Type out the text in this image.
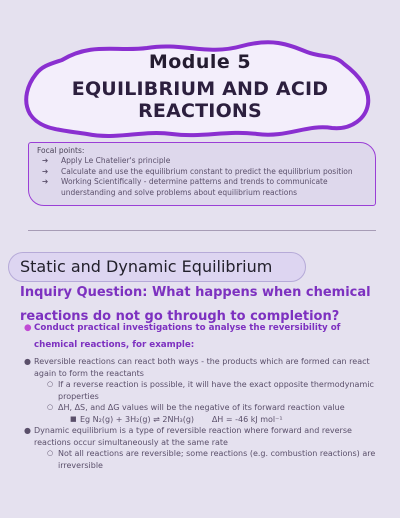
Module 5
EQUILIBRIUM AND ACID REACTIONS
Focal points:
➔ Apply Le Chatelier's principle
➔ Calculate and use the equilibrium constant to predict the equilibrium position
➔ Working Scientifically - determine patterns and trends to communicate understanding and solve problems about equilibrium reactions
Static and Dynamic Equilibrium
Inquiry Question: What happens when chemical reactions do not go through to completion?
● Conduct practical investigations to analyse the reversibility of chemical reactions, for example:
● Reversible reactions can react both ways - the products which are formed can react again to form the reactants
○ If a reverse reaction is possible, it will have the exact opposite thermodynamic properties
○ ΔH, ΔS, and ΔG values will be the negative of its forward reaction value
■ Eg N₂(g) + 3H₂(g) ⇌ 2NH₃(g)       ΔH = -46 kJ mol⁻¹
● Dynamic equilibrium is a type of reversible reaction where forward and reverse reactions occur simultaneously at the same rate
○ Not all reactions are reversible; some reactions (e.g. combustion reactions) are irreversible
